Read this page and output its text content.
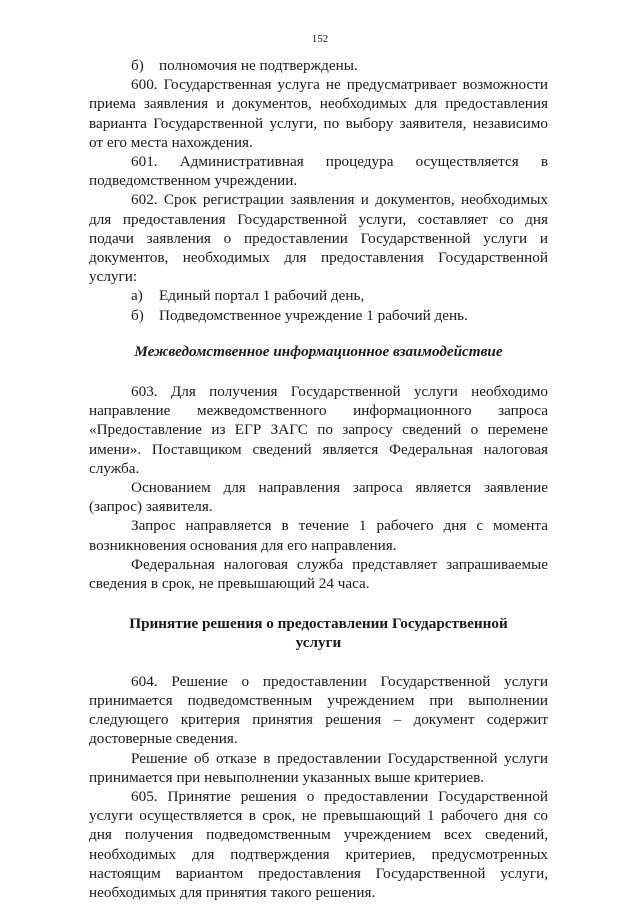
152

б) полномочия не подтверждены.

600. Государственная услуга не предусматривает возможности приема заявления и документов, необходимых для предоставления варианта Государственной услуги, по выбору заявителя, независимо от его места нахождения.

601. Административная процедура осуществляется в подведомственном учреждении.

602. Срок регистрации заявления и документов, необходимых для предоставления Государственной услуги, составляет со дня подачи заявления о предоставлении Государственной услуги и документов, необходимых для предоставления Государственной услуги:

а) Единый портал 1 рабочий день,

б) Подведомственное учреждение 1 рабочий день.

Межведомственное информационное взаимодействие

603. Для получения Государственной услуги необходимо направление межведомственного информационного запроса «Предоставление из ЕГР ЗАГС по запросу сведений о перемене имени». Поставщиком сведений является Федеральная налоговая служба.

Основанием для направления запроса является заявление (запрос) заявителя.

Запрос направляется в течение 1 рабочего дня с момента возникновения основания для его направления.

Федеральная налоговая служба представляет запрашиваемые сведения в срок, не превышающий 24 часа.

Принятие решения о предоставлении Государственной услуги

604. Решение о предоставлении Государственной услуги принимается подведомственным учреждением при выполнении следующего критерия принятия решения – документ содержит достоверные сведения.

Решение об отказе в предоставлении Государственной услуги принимается при невыполнении указанных выше критериев.

605. Принятие решения о предоставлении Государственной услуги осуществляется в срок, не превышающий 1 рабочего дня со дня получения подведомственным учреждением всех сведений, необходимых для подтверждения критериев, предусмотренных настоящим вариантом предоставления Государственной услуги, необходимых для принятия такого решения.
